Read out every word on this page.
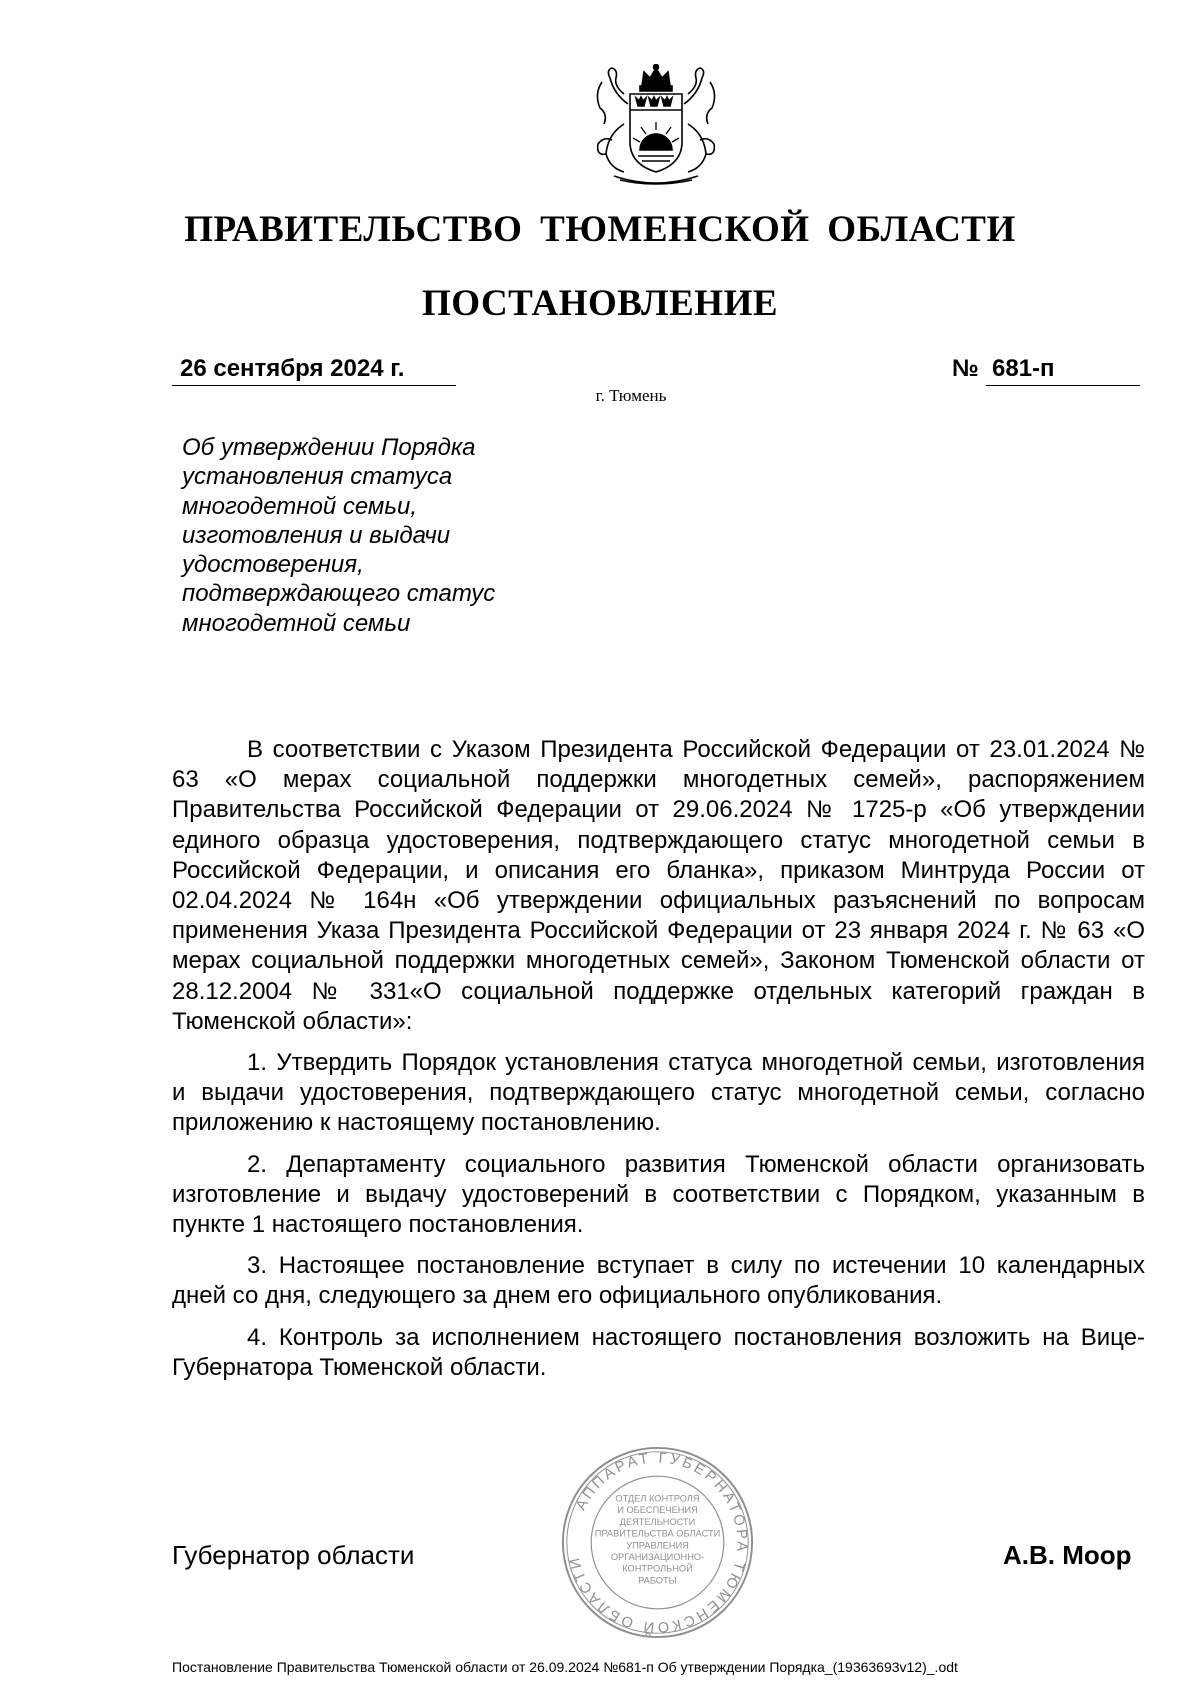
ПРАВИТЕЛЬСТВО ТЮМЕНСКОЙ ОБЛАСТИ
ПОСТАНОВЛЕНИЕ
26 сентября 2024 г.	№ 681-п
г. Тюмень
Об утверждении Порядка
установления статуса
многодетной семьи,
изготовления и выдачи
удостоверения,
подтверждающего статус
многодетной семьи

В соответствии с Указом Президента Российской Федерации от 23.01.2024 № 63 «О мерах социальной поддержки многодетных семей», распоряжением Правительства Российской Федерации от 29.06.2024 № 1725-р «Об утверждении единого образца удостоверения, подтверждающего статус многодетной семьи в Российской Федерации, и описания его бланка», приказом Минтруда России от 02.04.2024 № 164н «Об утверждении официальных разъяснений по вопросам применения Указа Президента Российской Федерации от 23 января 2024 г. № 63 «О мерах социальной поддержки многодетных семей», Законом Тюменской области от 28.12.2004 № 331«О социальной поддержке отдельных категорий граждан в Тюменской области»:

1. Утвердить Порядок установления статуса многодетной семьи, изготовления и выдачи удостоверения, подтверждающего статус многодетной семьи, согласно приложению к настоящему постановлению.

2. Департаменту социального развития Тюменской области организовать изготовление и выдачу удостоверений в соответствии с Порядком, указанным в пункте 1 настоящего постановления.

3. Настоящее постановление вступает в силу по истечении 10 календарных дней со дня, следующего за днем его официального опубликования.

4. Контроль за исполнением настоящего постановления возложить на Вице-Губернатора Тюменской области.

АППАРАТ ГУБЕРНАТОРА ТЮМЕНСКОЙ ОБЛАСТИ
ОТДЕЛ КОНТРОЛЯ
И ОБЕСПЕЧЕНИЯ
ДЕЯТЕЛЬНОСТИ
ПРАВИТЕЛЬСТВА ОБЛАСТИ
УПРАВЛЕНИЯ
ОРГАНИЗАЦИОННО-
КОНТРОЛЬНОЙ
РАБОТЫ
Губернатор области	А.В. Моор
Постановление Правительства Тюменской области от 26.09.2024 №681-п Об утверждении Порядка_(19363693v12)_.odt
